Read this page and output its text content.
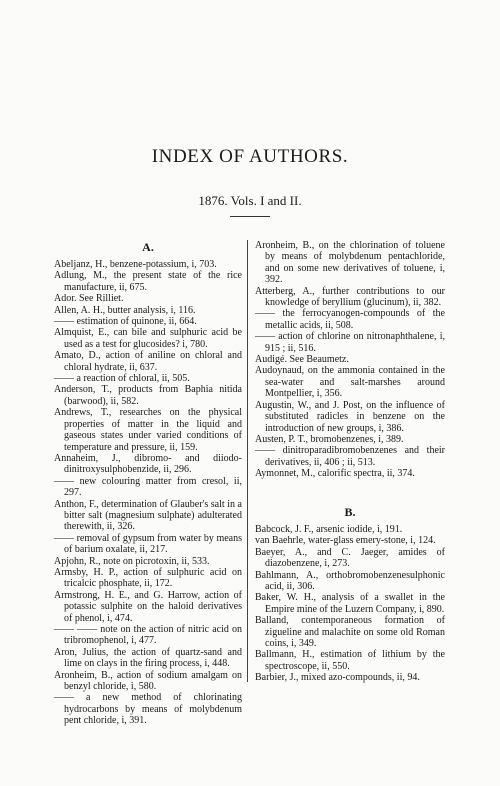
INDEX OF AUTHORS.
1876. Vols. I and II.
A.

Abeljanz, H., benzene-potassium, i, 703.

Adlung, M., the present state of the rice manufacture, ii, 675.

Ador. See Rilliet.

Allen, A. H., butter analysis, i, 116.

—— estimation of quinone, ii, 664.

Almquist, E., can bile and sulphuric acid be used as a test for glucosides? i, 780.

Amato, D., action of aniline on chloral and chloral hydrate, ii, 637.

—— a reaction of chloral, ii, 505.

Anderson, T., products from Baphia nitida (barwood), ii, 582.

Andrews, T., researches on the physical properties of matter in the liquid and gaseous states under varied conditions of temperature and pressure, ii, 159.

Annaheim, J., dibromo- and diiodo-dinitroxysulphobenzide, ii, 296.

—— new colouring matter from cresol, ii, 297.

Anthon, F., determination of Glauber's salt in a bitter salt (magnesium sulphate) adulterated therewith, ii, 326.

—— removal of gypsum from water by means of barium oxalate, ii, 217.

Apjohn, R., note on picrotoxin, ii, 533.

Armsby, H. P., action of sulphuric acid on tricalcic phosphate, ii, 172.

Armstrong, H. E., and G. Harrow, action of potassic sulphite on the haloid derivatives of phenol, i, 474.

—— —— note on the action of nitric acid on tribromophenol, i, 477.

Aron, Julius, the action of quartz-sand and lime on clays in the firing process, i, 448.

Aronheim, B., action of sodium amalgam on benzyl chloride, i, 580.

—— a new method of chlorinating hydrocarbons by means of molybdenum pent chloride, i, 391.

Aronheim, B., on the chlorination of toluene by means of molybdenum pentachloride, and on some new derivatives of toluene, i, 392.

Atterberg, A., further contributions to our knowledge of beryllium (glucinum), ii, 382.

—— the ferrocyanogen-compounds of the metallic acids, ii, 508.

—— action of chlorine on nitronaphthalene, i, 915 ; ii, 516.

Audigé. See Beaumetz.

Audoynaud, on the ammonia contained in the sea-water and salt-marshes around Montpellier, i, 356.

Augustin, W., and J. Post, on the influence of substituted radicles in benzene on the introduction of new groups, i, 386.

Austen, P. T., bromobenzenes, i, 389.

—— dinitroparadibromobenzenes and their derivatives, ii, 406 ; ii, 513.

Aymonnet, M., calorific spectra, ii, 374.

B.

Babcock, J. F., arsenic iodide, i, 191.

van Baehrle, water-glass emery-stone, i, 124.

Baeyer, A., and C. Jaeger, amides of diazobenzene, i, 273.

Bahlmann, A., orthobromobenzenesulphonic acid, ii, 306.

Baker, W. H., analysis of a swallet in the Empire mine of the Luzern Company, i, 890.

Balland, contemporaneous formation of zigueline and malachite on some old Roman coins, i, 349.

Ballmann, H., estimation of lithium by the spectroscope, ii, 550.

Barbier, J., mixed azo-compounds, ii, 94.
